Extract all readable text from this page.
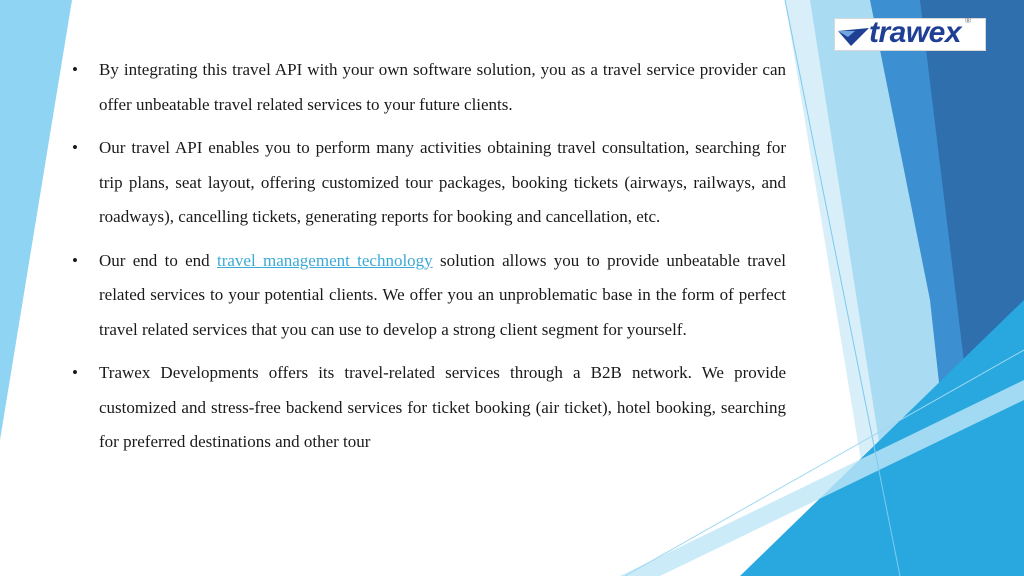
trawex ®
• By integrating this travel API with your own software solution, you as a travel service provider can offer unbeatable travel related services to your future clients.
• Our travel API enables you to perform many activities obtaining travel consultation, searching for trip plans, seat layout, offering customized tour packages, booking tickets (airways, railways, and roadways), cancelling tickets, generating reports for booking and cancellation, etc.
• Our end to end travel management technology solution allows you to provide unbeatable travel related services to your potential clients. We offer you an unproblematic base in the form of perfect travel related services that you can use to develop a strong client segment for yourself.
• Trawex Developments offers its travel-related services through a B2B network. We provide customized and stress-free backend services for ticket booking (air ticket), hotel booking, searching for preferred destinations and other tour
